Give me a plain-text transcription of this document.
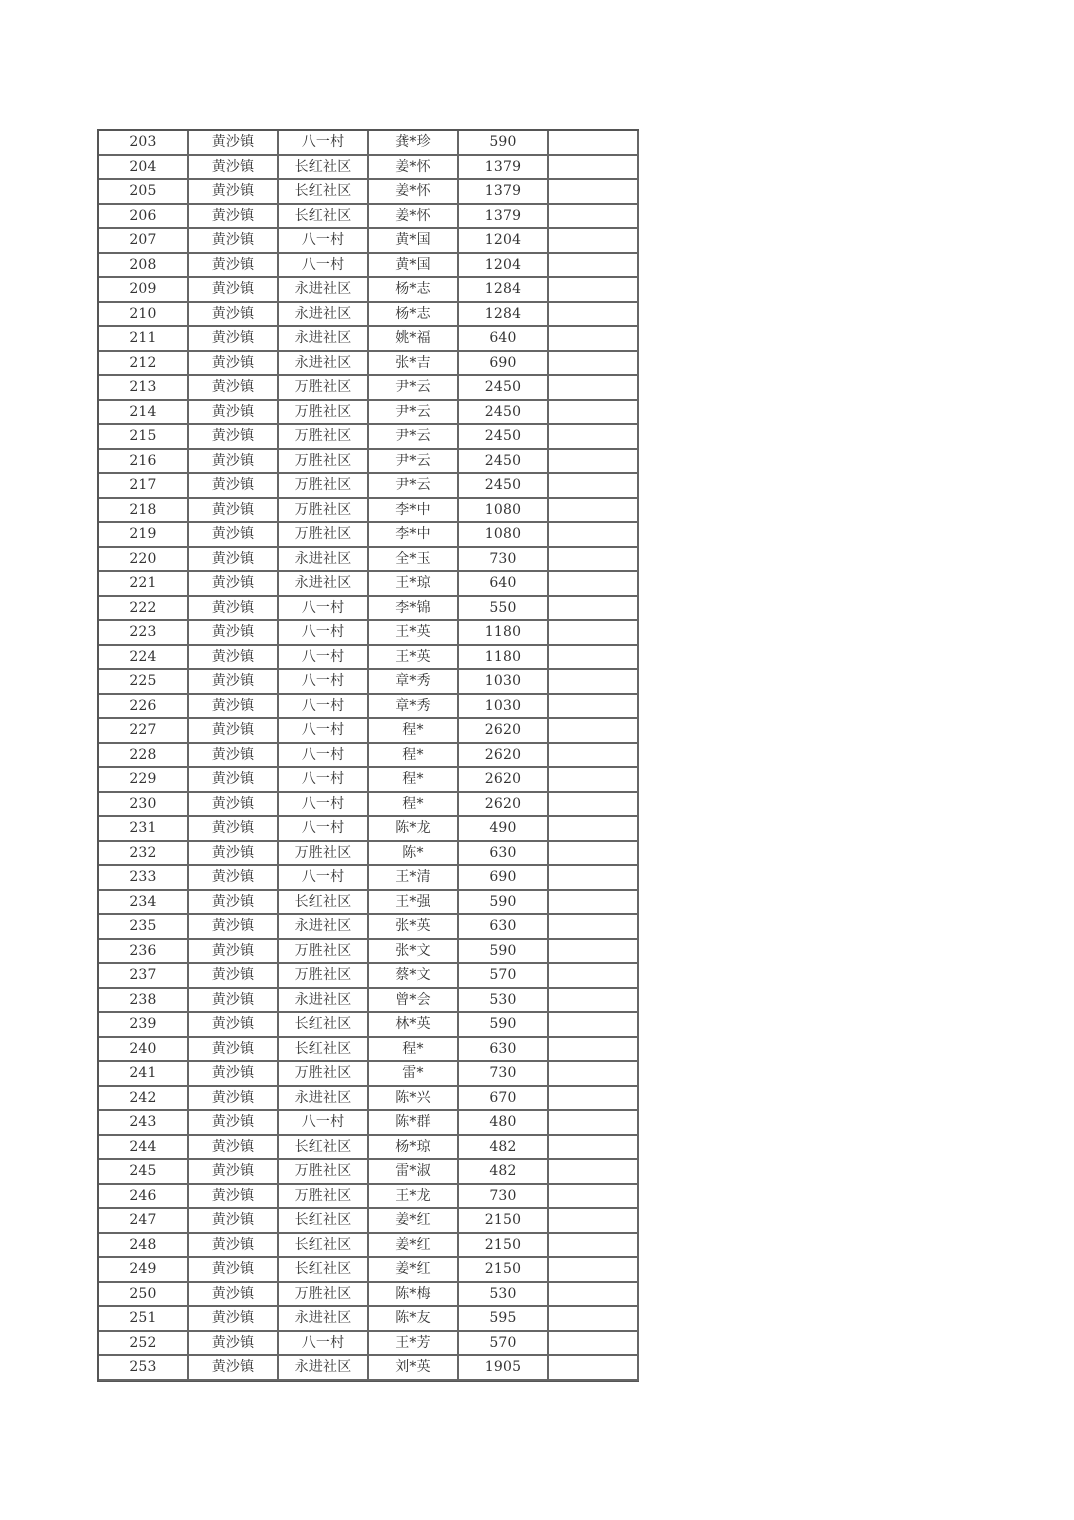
203	黄沙镇	八一村	龚*珍	590
204	黄沙镇	长红社区	姜*怀	1379
205	黄沙镇	长红社区	姜*怀	1379
206	黄沙镇	长红社区	姜*怀	1379
207	黄沙镇	八一村	黄*国	1204
208	黄沙镇	八一村	黄*国	1204
209	黄沙镇	永进社区	杨*志	1284
210	黄沙镇	永进社区	杨*志	1284
211	黄沙镇	永进社区	姚*福	640
212	黄沙镇	永进社区	张*吉	690
213	黄沙镇	万胜社区	尹*云	2450
214	黄沙镇	万胜社区	尹*云	2450
215	黄沙镇	万胜社区	尹*云	2450
216	黄沙镇	万胜社区	尹*云	2450
217	黄沙镇	万胜社区	尹*云	2450
218	黄沙镇	万胜社区	李*中	1080
219	黄沙镇	万胜社区	李*中	1080
220	黄沙镇	永进社区	全*玉	730
221	黄沙镇	永进社区	王*琼	640
222	黄沙镇	八一村	李*锦	550
223	黄沙镇	八一村	王*英	1180
224	黄沙镇	八一村	王*英	1180
225	黄沙镇	八一村	章*秀	1030
226	黄沙镇	八一村	章*秀	1030
227	黄沙镇	八一村	程*	2620
228	黄沙镇	八一村	程*	2620
229	黄沙镇	八一村	程*	2620
230	黄沙镇	八一村	程*	2620
231	黄沙镇	八一村	陈*龙	490
232	黄沙镇	万胜社区	陈*	630
233	黄沙镇	八一村	王*清	690
234	黄沙镇	长红社区	王*强	590
235	黄沙镇	永进社区	张*英	630
236	黄沙镇	万胜社区	张*文	590
237	黄沙镇	万胜社区	蔡*文	570
238	黄沙镇	永进社区	曾*会	530
239	黄沙镇	长红社区	林*英	590
240	黄沙镇	长红社区	程*	630
241	黄沙镇	万胜社区	雷*	730
242	黄沙镇	永进社区	陈*兴	670
243	黄沙镇	八一村	陈*群	480
244	黄沙镇	长红社区	杨*琼	482
245	黄沙镇	万胜社区	雷*淑	482
246	黄沙镇	万胜社区	王*龙	730
247	黄沙镇	长红社区	姜*红	2150
248	黄沙镇	长红社区	姜*红	2150
249	黄沙镇	长红社区	姜*红	2150
250	黄沙镇	万胜社区	陈*梅	530
251	黄沙镇	永进社区	陈*友	595
252	黄沙镇	八一村	王*芳	570
253	黄沙镇	永进社区	刘*英	1905
